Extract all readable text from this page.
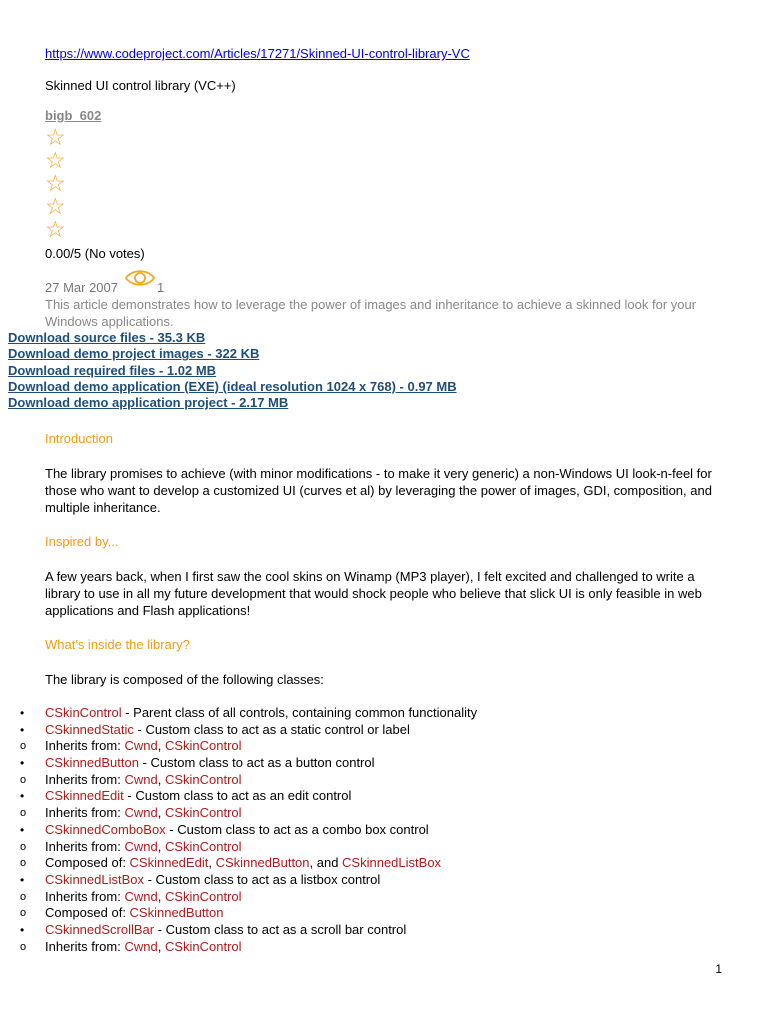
https://www.codeproject.com/Articles/17271/Skinned-UI-control-library-VC
Skinned UI control library (VC++)
bigb_602
☆
☆
☆
☆
☆
0.00/5 (No votes)
27 Mar 2007	1
This article demonstrates how to leverage the power of images and inheritance to achieve a skinned look for your Windows applications.
Download source files - 35.3 KB
Download demo project images - 322 KB
Download required files - 1.02 MB
Download demo application (EXE) (ideal resolution 1024 x 768) - 0.97 MB
Download demo application project - 2.17 MB
Introduction
The library promises to achieve (with minor modifications - to make it very generic) a non-Windows UI look-n-feel for those who want to develop a customized UI (curves et al) by leveraging the power of images, GDI, composition, and multiple inheritance.
Inspired by...
A few years back, when I first saw the cool skins on Winamp (MP3 player), I felt excited and challenged to write a library to use in all my future development that would shock people who believe that slick UI is only feasible in web applications and Flash applications!
What's inside the library?
The library is composed of the following classes:
•	CSkinControl - Parent class of all controls, containing common functionality
•	CSkinnedStatic - Custom class to act as a static control or label
o	Inherits from: Cwnd, CSkinControl
•	CSkinnedButton - Custom class to act as a button control
o	Inherits from: Cwnd, CSkinControl
•	CSkinnedEdit - Custom class to act as an edit control
o	Inherits from: Cwnd, CSkinControl
•	CSkinnedComboBox - Custom class to act as a combo box control
o	Inherits from: Cwnd, CSkinControl
o	Composed of: CSkinnedEdit, CSkinnedButton, and CSkinnedListBox
•	CSkinnedListBox - Custom class to act as a listbox control
o	Inherits from: Cwnd, CSkinControl
o	Composed of: CSkinnedButton
•	CSkinnedScrollBar - Custom class to act as a scroll bar control
o	Inherits from: Cwnd, CSkinControl
1
